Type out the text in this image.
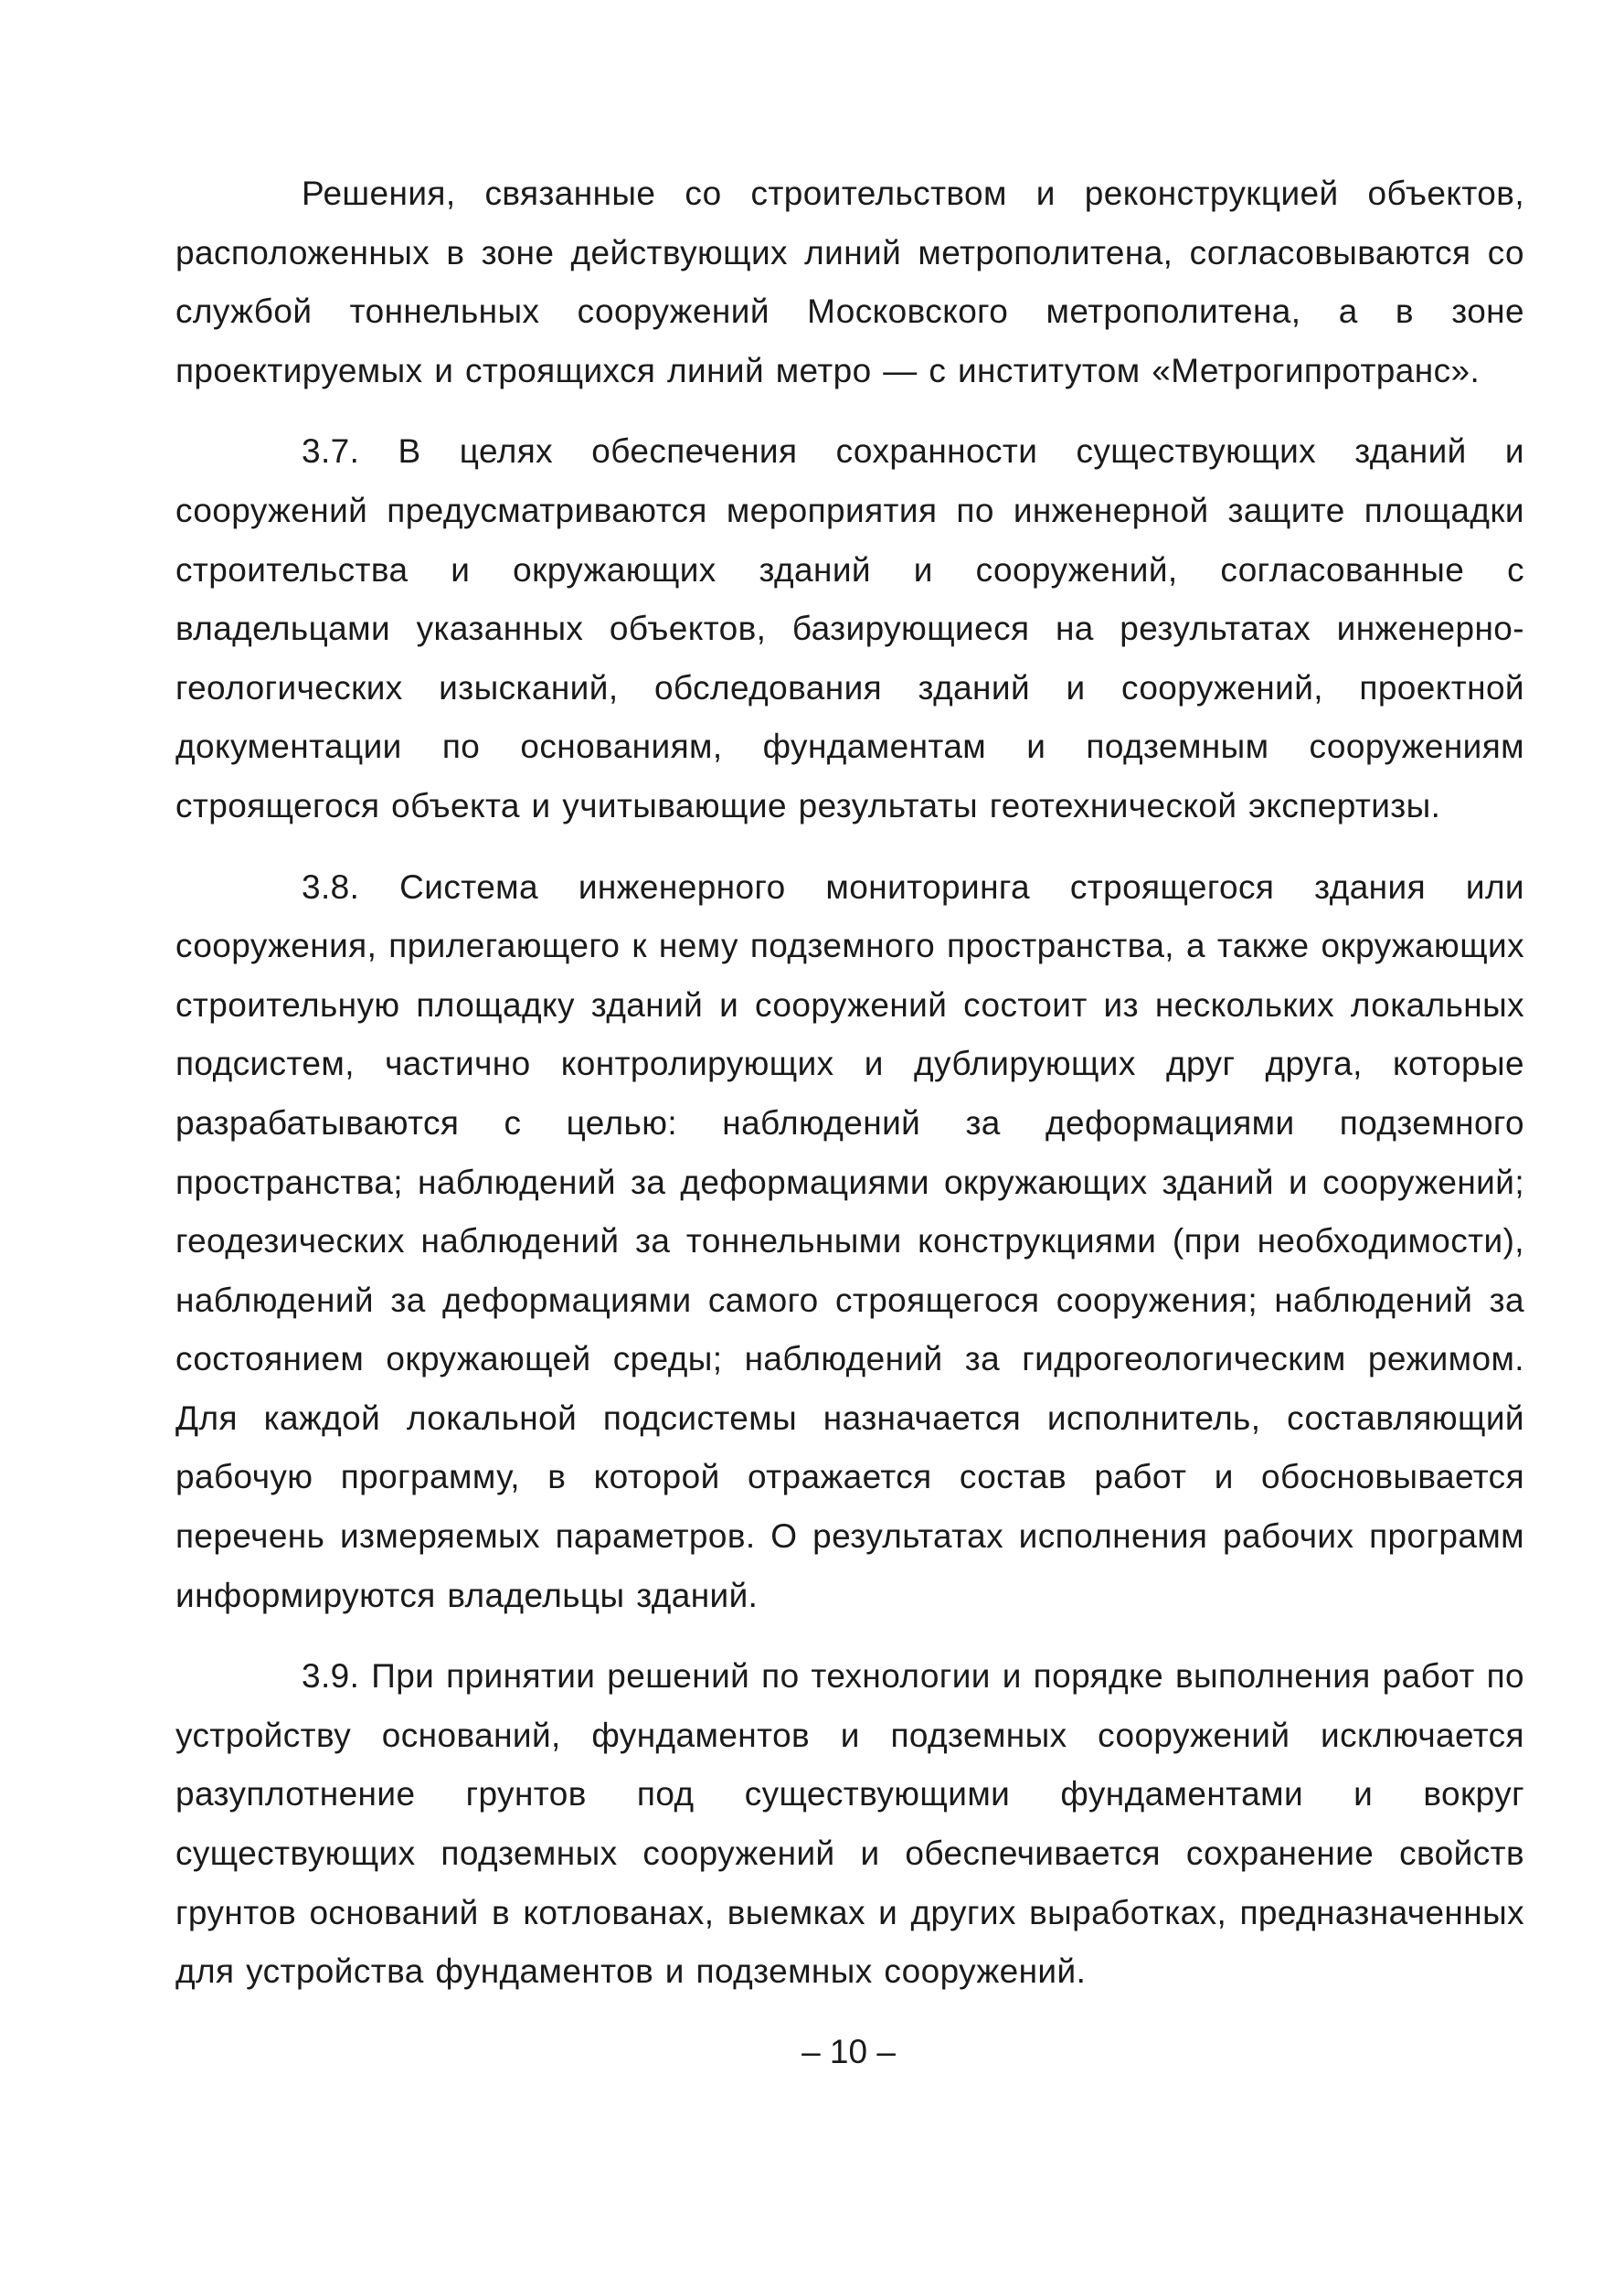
Решения, связанные со строительством и реконструкцией объектов, расположенных в зоне действующих линий метрополитена, согласовываются со службой тоннельных сооружений Московского метрополитена, а в зоне проектируемых и строящихся линий метро — с институтом «Метрогипротранс».

3.7. В целях обеспечения сохранности существующих зданий и сооружений предусматриваются мероприятия по инженерной защите площадки строительства и окружающих зданий и сооружений, согласованные с владельцами указанных объектов, базирующиеся на результатах инженерно-геологических изысканий, обследования зданий и сооружений, проектной документации по основаниям, фундаментам и подземным сооружениям строящегося объекта и учитывающие результаты геотехнической экспертизы.

3.8. Система инженерного мониторинга строящегося здания или сооружения, прилегающего к нему подземного пространства, а также окружающих строительную площадку зданий и сооружений состоит из нескольких локальных подсистем, частично контролирующих и дублирующих друг друга, которые разрабатываются с целью: наблюдений за деформациями подземного пространства; наблюдений за деформациями окружающих зданий и сооружений; геодезических наблюдений за тоннельными конструкциями (при необходимости), наблюдений за деформациями самого строящегося сооружения; наблюдений за состоянием окружающей среды; наблюдений за гидрогеологическим режимом. Для каждой локальной подсистемы назначается исполнитель, составляющий рабочую программу, в которой отражается состав работ и обосновывается перечень измеряемых параметров. О результатах исполнения рабочих программ информируются владельцы зданий.

3.9. При принятии решений по технологии и порядке выполнения работ по устройству оснований, фундаментов и подземных сооружений исключается разуплотнение грунтов под существующими фундаментами и вокруг существующих подземных сооружений и обеспечивается сохранение свойств грунтов оснований в котлованах, выемках и других выработках, предназначенных для устройства фундаментов и подземных сооружений.

– 10 –
